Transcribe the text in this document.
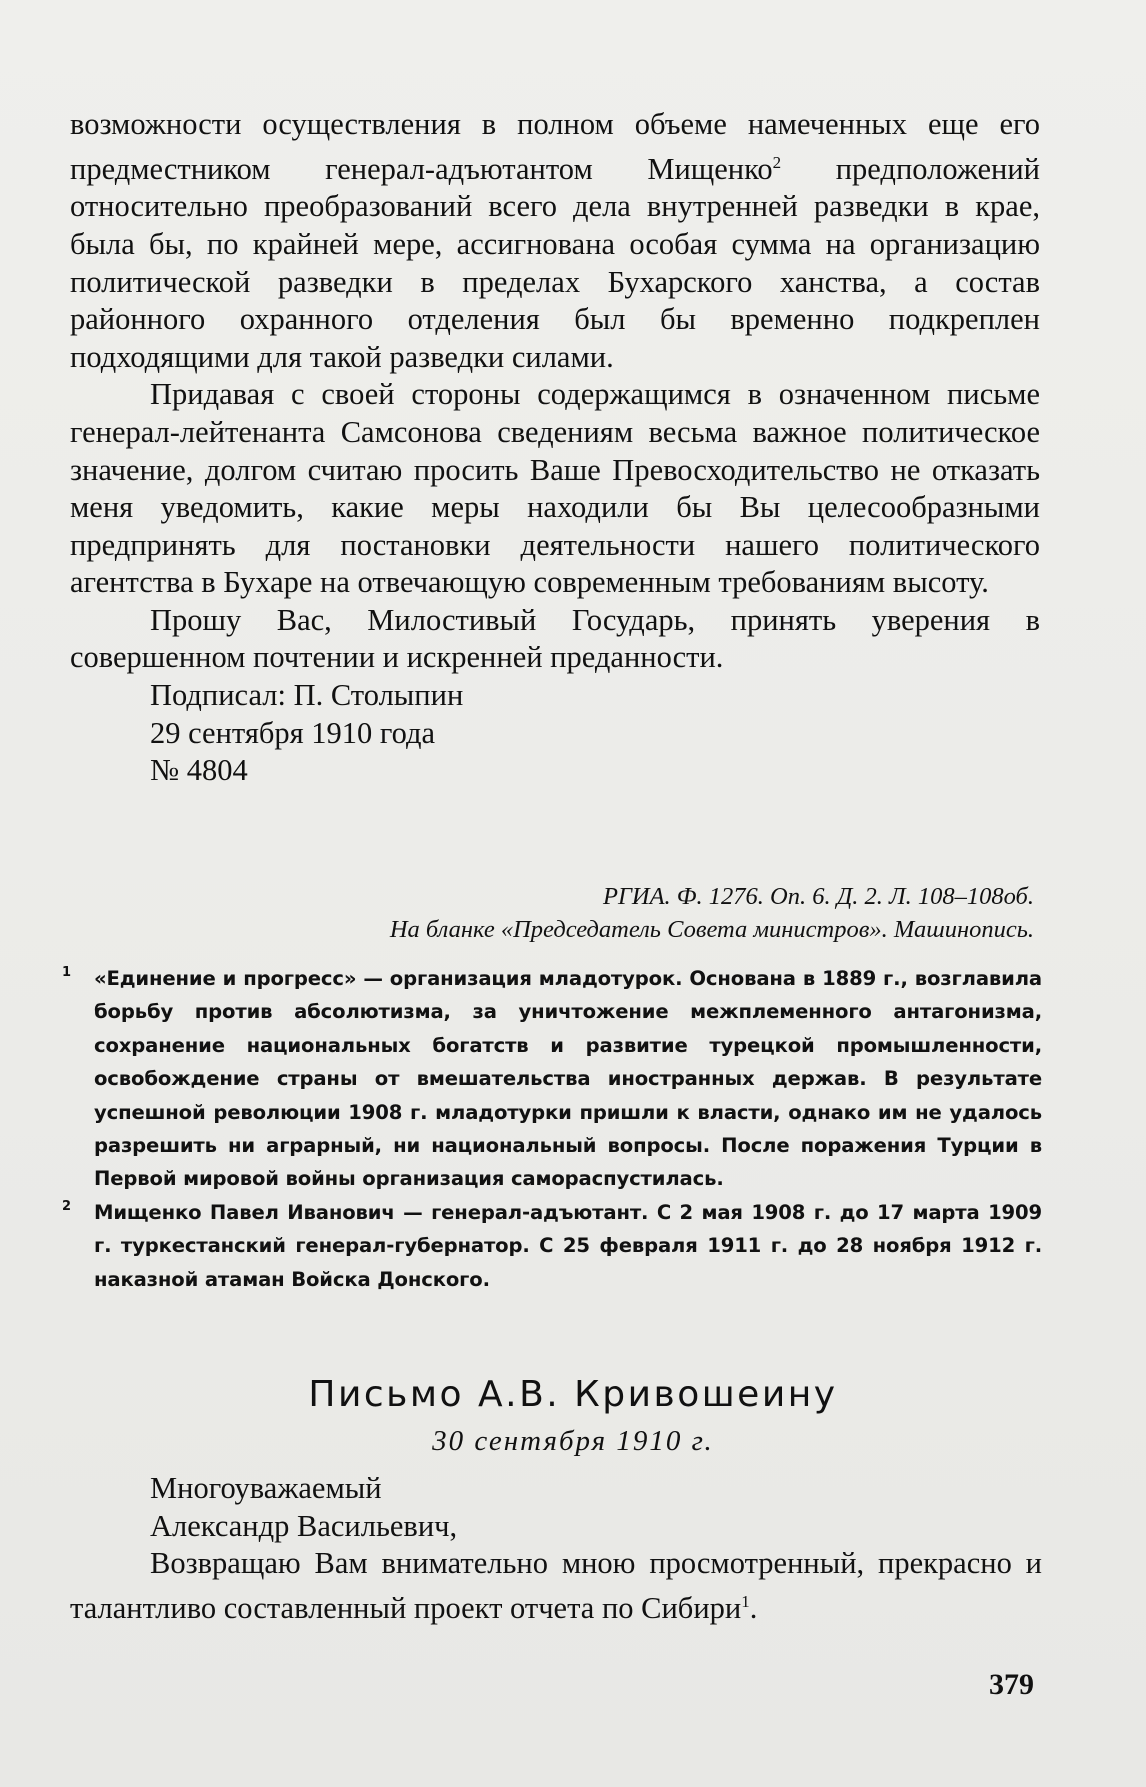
возможности осуществления в полном объеме намеченных еще его предместником генерал-адъютантом Мищенко$^2$ предположений относительно преобразований всего дела внутренней разведки в крае, была бы, по крайней мере, ассигнована особая сумма на организацию политической разведки в пределах Бухарского ханства, а состав районного охранного отделения был бы временно подкреплен подходящими для такой разведки силами.

Придавая с своей стороны содержащимся в означенном письме генерал-лейтенанта Самсонова сведениям весьма важное политическое значение, долгом считаю просить Ваше Превосходительство не отказать меня уведомить, какие меры находили бы Вы целесообразными предпринять для постановки деятельности нашего политического агентства в Бухаре на отвечающую современным требованиям высоту.

Прошу Вас, Милостивый Государь, принять уверения в совершенном почтении и искренней преданности.

Подписал: П. Столыпин
29 сентября 1910 года
№ 4804
РГИА. Ф. 1276. Оп. 6. Д. 2. Л. 108–108об.
На бланке «Председатель Совета министров». Машинопись.
1 «Единение и прогресс» — организация младотурок. Основана в 1889 г., возглавила борьбу против абсолютизма, за уничтожение межплеменного антагонизма, сохранение национальных богатств и развитие турецкой промышленности, освобождение страны от вмешательства иностранных держав. В результате успешной революции 1908 г. младотурки пришли к власти, однако им не удалось разрешить ни аграрный, ни национальный вопросы. После поражения Турции в Первой мировой войны организация самораспустилась.
2 Мищенко Павел Иванович — генерал-адъютант. С 2 мая 1908 г. до 17 марта 1909 г. туркестанский генерал-губернатор. С 25 февраля 1911 г. до 28 ноября 1912 г. наказной атаман Войска Донского.
Письмо А.В. Кривошеину
30 сентября 1910 г.
Многоуважаемый
Александр Васильевич,

Возвращаю Вам внимательно мною просмотренный, прекрасно и талантливо составленный проект отчета по Сибири$^1$.

379
